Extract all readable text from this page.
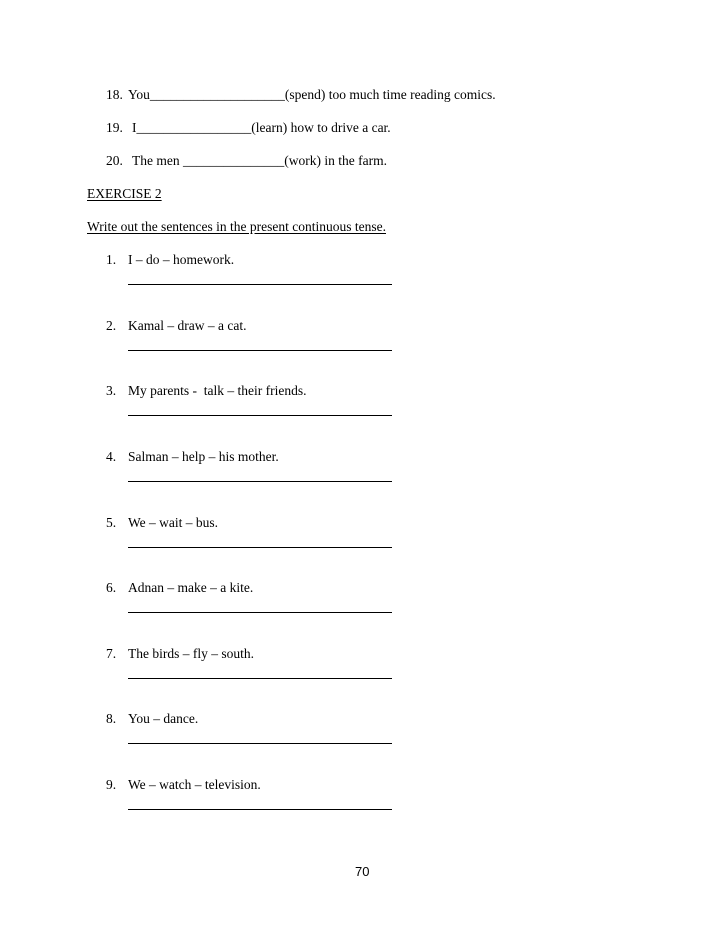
18. You____________________(spend) too much time reading comics.
19. I_________________(learn) how to drive a car.
20. The men _______________(work) in the farm.
EXERCISE 2
Write out the sentences in the present continuous tense.
1. I – do – homework.
2. Kamal – draw – a cat.
3. My parents -  talk – their friends.
4. Salman – help – his mother.
5. We – wait – bus.
6. Adnan – make – a kite.
7. The birds – fly – south.
8. You – dance.
9. We – watch – television.
70
